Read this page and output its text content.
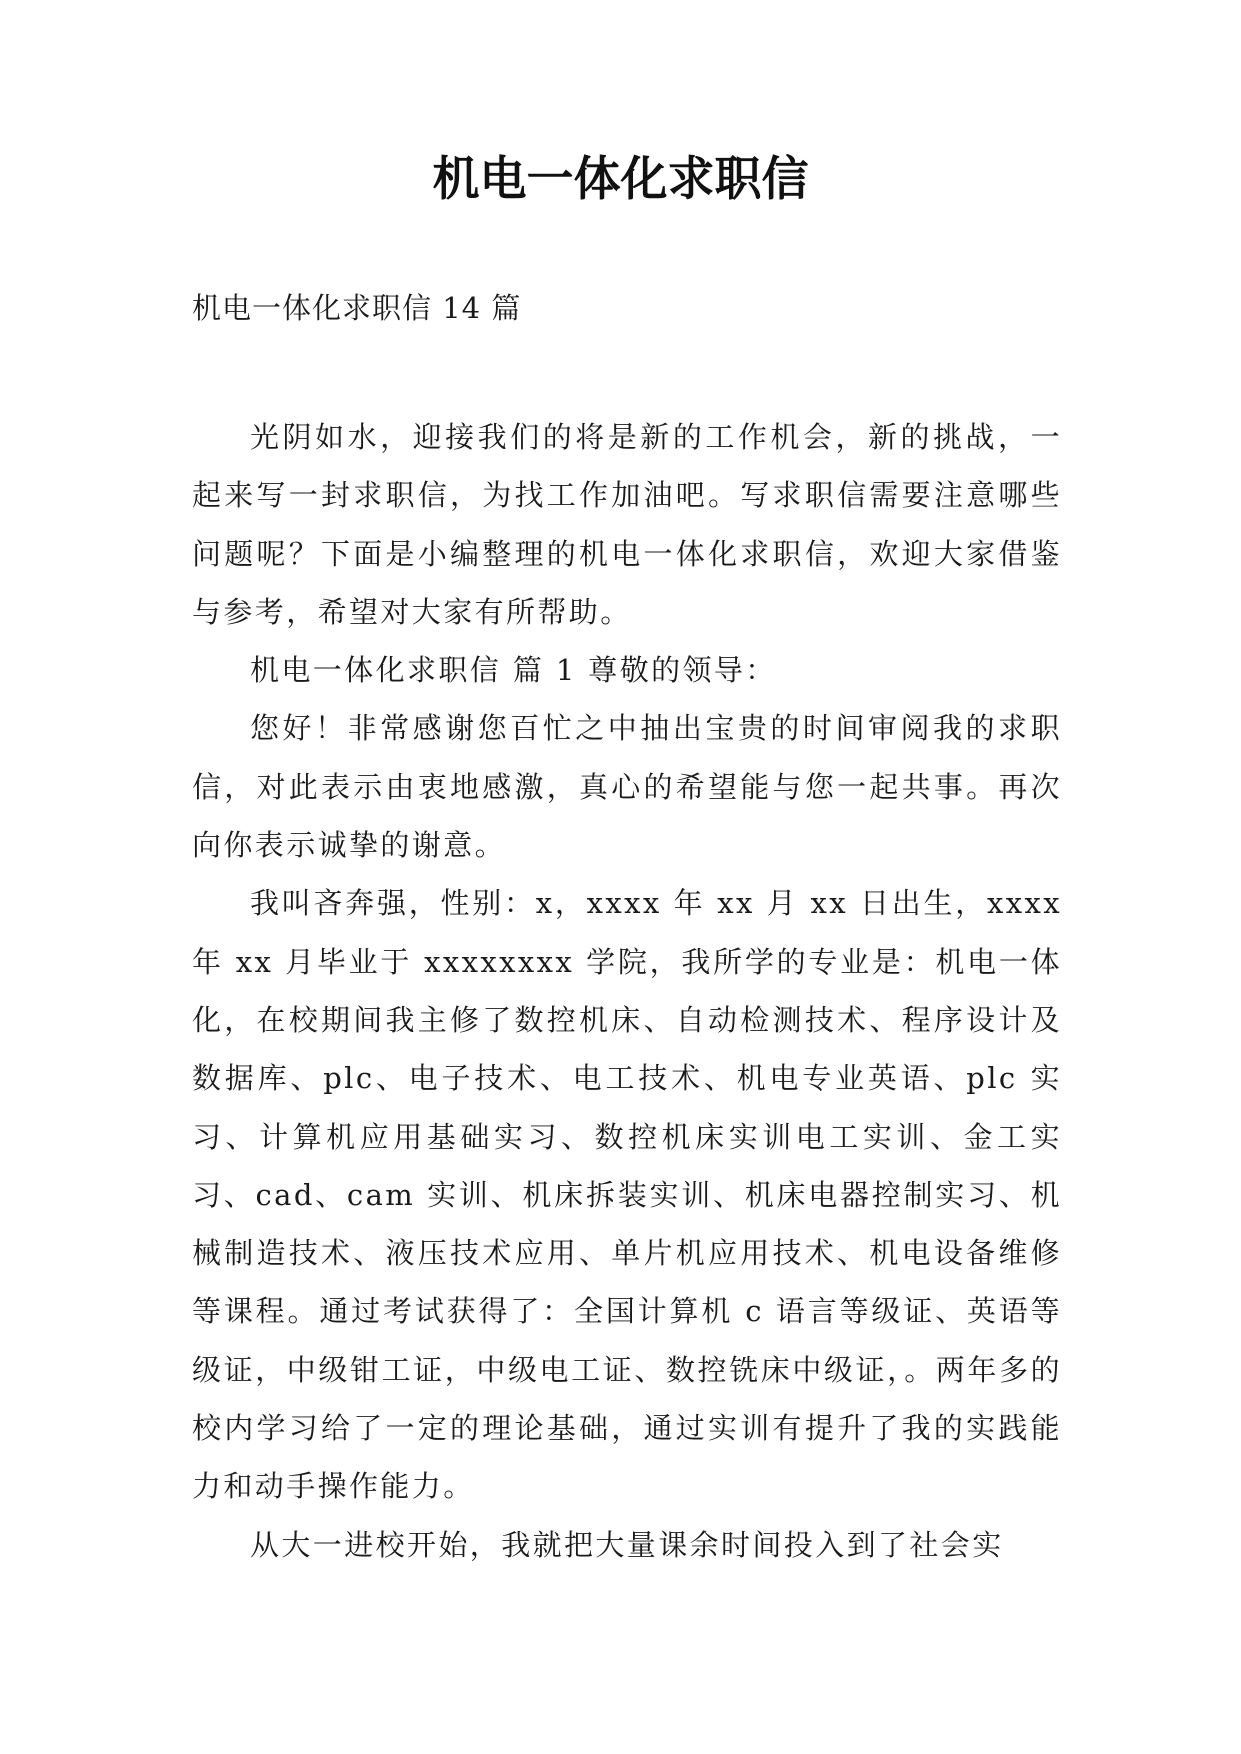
机电一体化求职信
机电一体化求职信 14 篇

光阴如水，迎接我们的将是新的工作机会，新的挑战，一起来写一封求职信，为找工作加油吧。写求职信需要注意哪些问题呢？下面是小编整理的机电一体化求职信，欢迎大家借鉴与参考，希望对大家有所帮助。

机电一体化求职信 篇 1 尊敬的领导：

您好！非常感谢您百忙之中抽出宝贵的时间审阅我的求职信，对此表示由衷地感激，真心的希望能与您一起共事。再次向你表示诚挚的谢意。

我叫吝奔强，性别：x，xxxx 年 xx 月 xx 日出生，xxxx 年 xx 月毕业于 xxxxxxxx 学院，我所学的专业是：机电一体化，在校期间我主修了数控机床、自动检测技术、程序设计及数据库、plc、电子技术、电工技术、机电专业英语、plc 实习、计算机应用基础实习、数控机床实训电工实训、金工实习、cad、cam 实训、机床拆装实训、机床电器控制实习、机械制造技术、液压技术应用、单片机应用技术、机电设备维修等课程。通过考试获得了：全国计算机 c 语言等级证、英语等级证，中级钳工证，中级电工证、数控铣床中级证，。两年多的校内学习给了一定的理论基础，通过实训有提升了我的实践能力和动手操作能力。

从大一进校开始，我就把大量课余时间投入到了社会实
